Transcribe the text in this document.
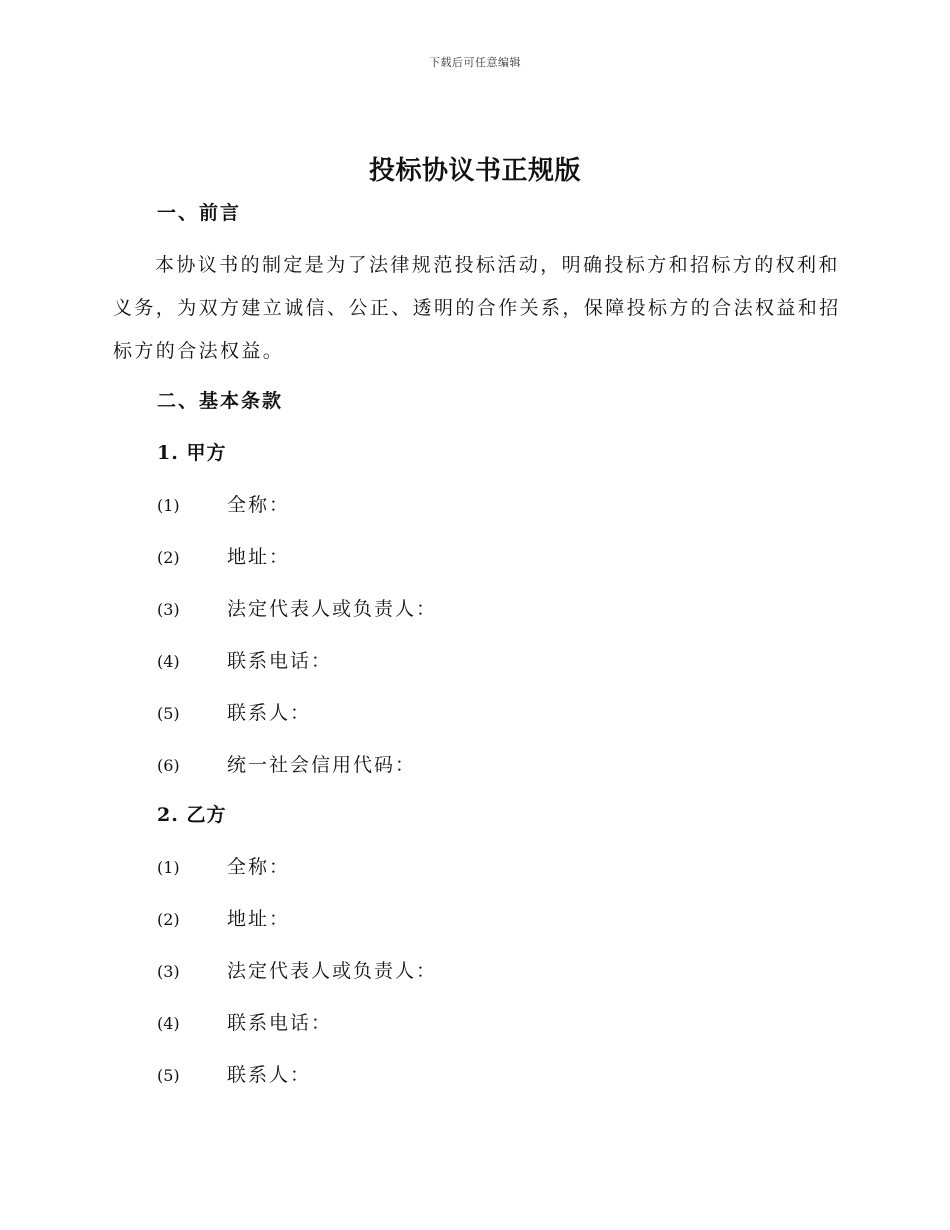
下载后可任意编辑
投标协议书正规版
一、前言
本协议书的制定是为了法律规范投标活动，明确投标方和招标方的权利和义务，为双方建立诚信、公正、透明的合作关系，保障投标方的合法权益和招标方的合法权益。
二、基本条款
1. 甲方
(1) 全称：
(2) 地址：
(3) 法定代表人或负责人：
(4) 联系电话：
(5) 联系人：
(6) 统一社会信用代码：
2. 乙方
(1) 全称：
(2) 地址：
(3) 法定代表人或负责人：
(4) 联系电话：
(5) 联系人：
